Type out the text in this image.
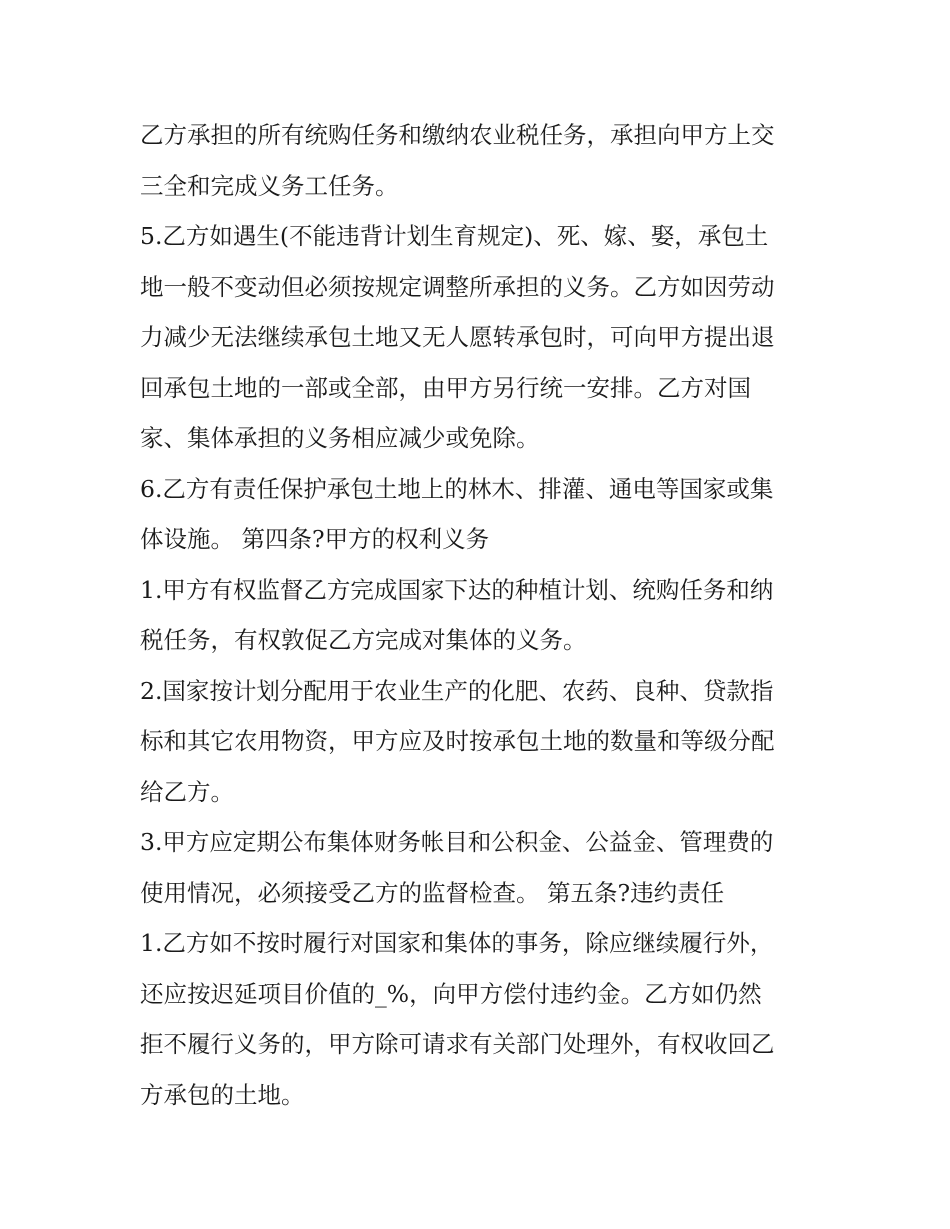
乙方承担的所有统购任务和缴纳农业税任务，承担向甲方上交
三全和完成义务工任务。
5.乙方如遇生(不能违背计划生育规定)、死、嫁、娶，承包土
地一般不变动但必须按规定调整所承担的义务。乙方如因劳动
力减少无法继续承包土地又无人愿转承包时，可向甲方提出退
回承包土地的一部或全部，由甲方另行统一安排。乙方对国
家、集体承担的义务相应减少或免除。
6.乙方有责任保护承包土地上的林木、排灌、通电等国家或集
体设施。 第四条?甲方的权利义务
1.甲方有权监督乙方完成国家下达的种植计划、统购任务和纳
税任务，有权敦促乙方完成对集体的义务。
2.国家按计划分配用于农业生产的化肥、农药、良种、贷款指
标和其它农用物资，甲方应及时按承包土地的数量和等级分配
给乙方。
3.甲方应定期公布集体财务帐目和公积金、公益金、管理费的
使用情况，必须接受乙方的监督检查。 第五条?违约责任
1.乙方如不按时履行对国家和集体的事务，除应继续履行外，
还应按迟延项目价值的_%，向甲方偿付违约金。乙方如仍然
拒不履行义务的，甲方除可请求有关部门处理外，有权收回乙
方承包的土地。
